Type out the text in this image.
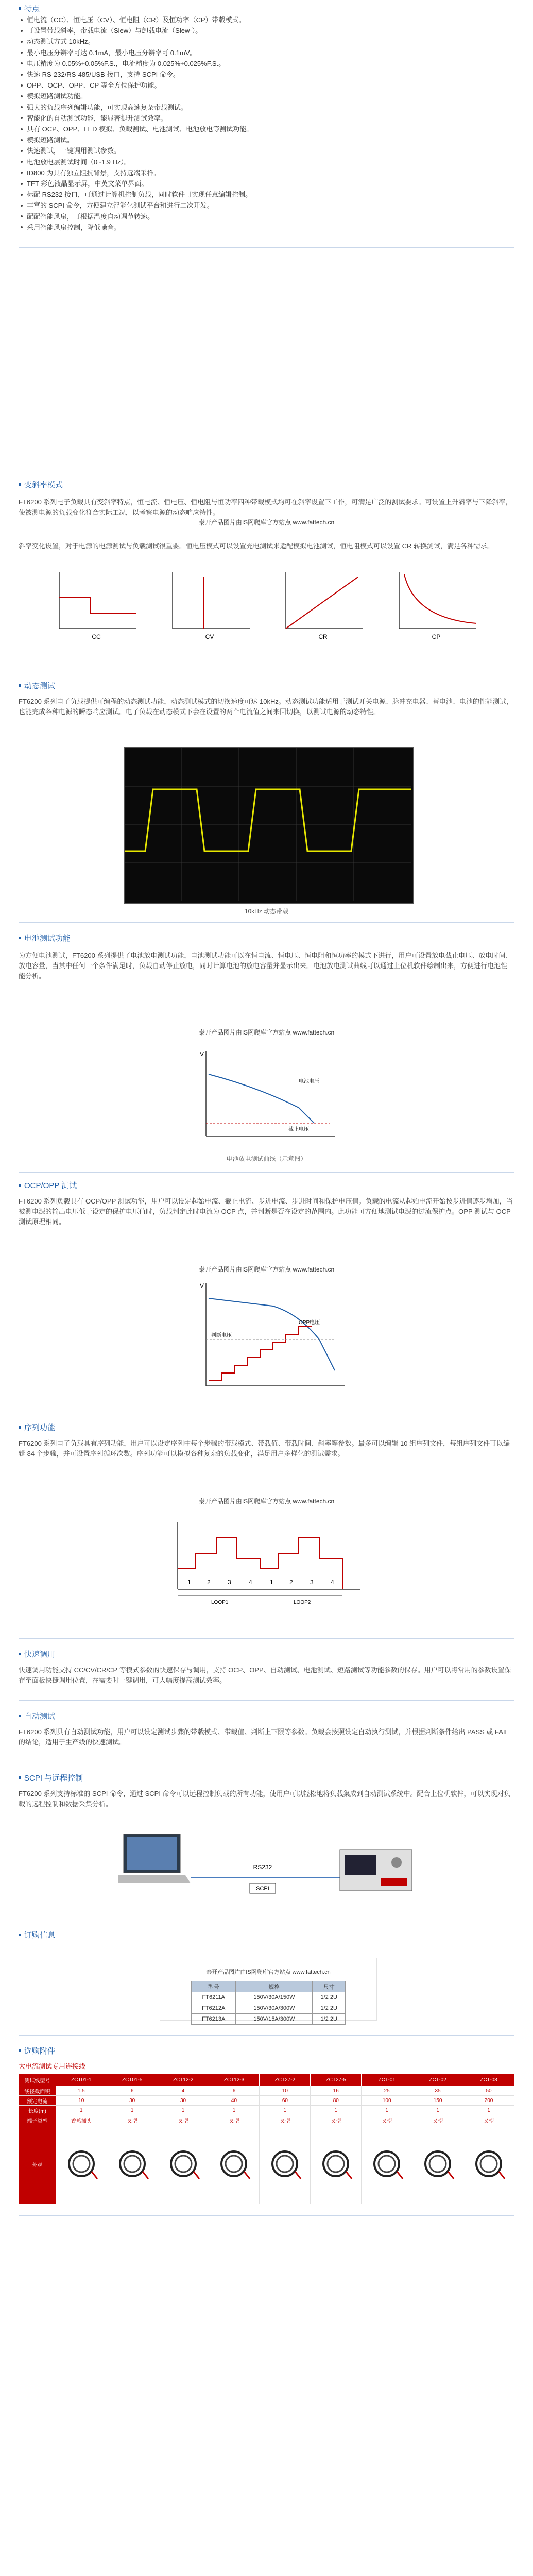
特点
恒电流（CC）、恒电压（CV）、恒电阻（CR）及恒功率（CP）带载模式。
可设置带载斜率，带载电流（Slew）与卸载电流（Slew-）。
动态测试方式 10kHz。
最小电压分辨率可达 0.1mA，最小电压分辨率可 0.1mV。
电压精度为 0.05%+0.05%F.S.，电流精度为 0.025%+0.025%F.S.。
快速 RS-232/RS-485/USB 接口，支持 SCPI 命令。
OPP、OCP、OPP、CP 等全方位保护功能。
模拟短路测试功能。
强大的负载序列编辑功能，可实现高速复杂带载测试。
智能化的自动测试功能，能显著提升测试效率。
具有 OCP、OPP、LED 模拟、负载测试、电池测试、电池放电等测试功能。
模拟短路测试。
快速测试，一键调用测试参数。
电池放电层测试时间（0~1.9 Hz）。
ID800 为具有独立阻抗背景，支持远端采样。
TFT 彩色液晶显示屏，中英文菜单界面。
标配 RS232 接口，可通过计算机控制负载，同时软件可实现任意编辑控制。
丰富的 SCPI 命令，方便建立智能化测试平台和进行二次开发。
配配智能风扇，可根据温度自动调节转速。
采用智能风扇控制，降低噪音。
变斜率模式

FT6200 系列电子负载具有变斜率特点，恒电流、恒电压、恒电阻与恒功率四种带载模式均可在斜率设置下工作，可满足广泛的测试要求。可设置上升斜率与下降斜率，使被测电源的负载变化符合实际工况，以考察电源的动态响应特性。

泰开产品图片由IS网爬库官方站点 www.fattech.cn

斜率变化设置，对于电源的电源测试与负载测试很重要。恒电压模式可以设置充电测试来适配模拟电池测试，恒电阻模式可以设置 CR 转换测试，满足各种需求。

CC	CV	CR	CP
动态测试

FT6200 系列电子负载提供可编程的动态测试功能，动态测试模式的切换速度可达 10kHz。动态测试功能适用于测试开关电源、脉冲充电器、蓄电池、电池的性能测试，也能完成各种电源的瞬态响应测试。电子负载在动态模式下会在设置的两个电流值之间来回切换，以测试电源的动态特性。

10kHz 动态带载
电池测试功能

为方便电池测试，FT6200 系列提供了电池放电测试功能，电池测试功能可以在恒电流、恒电压、恒电阻和恒功率的模式下进行，用户可设置放电截止电压、放电时间、放电容量，当其中任何一个条件满足时，负载自动停止放电，同时计算电池的放电容量并显示出来。电池放电测试曲线可以通过上位机软件绘制出来，方便进行电池性能分析。

泰开产品图片由IS网爬库官方站点 www.fattech.cn
V
电池电压
截止电压
电池放电测试曲线（示意图）
OCP/OPP 测试

FT6200 系列负载具有 OCP/OPP 测试功能，用户可以设定起始电流、截止电流、步进电流、步进时间和保护电压值。负载的电流从起始电流开始按步进值逐步增加，当被测电源的输出电压低于设定的保护电压值时，负载判定此时电流为 OCP 点，并判断是否在设定的范围内。此功能可方便地测试电源的过流保护点。OPP 测试与 OCP 测试原理相同。

泰开产品图片由IS网爬库官方站点 www.fattech.cn
V
判断电压
OPP电压
序列功能

FT6200 系列电子负载具有序列功能，用户可以设定序列中每个步骤的带载模式、带载值、带载时间、斜率等参数。最多可以编辑 10 组序列文件，每组序列文件可以编辑 84 个步骤，并可设置序列循环次数。序列功能可以模拟各种复杂的负载变化，满足用户多样化的测试需求。

泰开产品图片由IS网爬库官方站点 www.fattech.cn
1	2	3	4	1	2	3	4
LOOP1	LOOP2
快速调用

快速调用功能支持 CC/CV/CR/CP 等模式参数的快速保存与调用，支持 OCP、OPP、自动测试、电池测试、短路测试等功能参数的保存。用户可以将常用的参数设置保存至面板快捷调用位置，在需要时一键调用，可大幅度提高测试效率。

自动测试

FT6200 系列具有自动测试功能，用户可以设定测试步骤的带载模式、带载值、判断上下限等参数。负载会按照设定自动执行测试，并根据判断条件给出 PASS 或 FAIL 的结论，适用于生产线的快速测试。

SCPI 与远程控制

FT6200 系列支持标准的 SCPI 命令，通过 SCPI 命令可以远程控制负载的所有功能，使用户可以轻松地将负载集成到自动测试系统中。配合上位机软件，可以实现对负载的远程控制和数据采集分析。

RS232
SCPI
订购信息
泰开产品图片由IS网爬库官方站点 www.fattech.cn
型号	规格	尺寸
FT6211A	150V/30A/150W	1/2 2U
FT6212A	150V/30A/300W	1/2 2U
FT6213A	150V/15A/300W	1/2 2U
选购附件
大电流测试专用连接线
测试线型号	ZCT01-1	ZCT01-5	ZCT12-2	ZCT12-3	ZCT27-2	ZCT27-5	ZCT-01	ZCT-02	ZCT-03
线径截面积	1.5	6	4	6	10	16	25	35	50
额定电流	10	30	30	40	60	80	100	150	200
长度(m)	1	1	1	1	1	1	1	1	1
端子类型	香蕉插头	叉型	叉型	叉型	叉型	叉型	叉型	叉型	叉型
外观									
